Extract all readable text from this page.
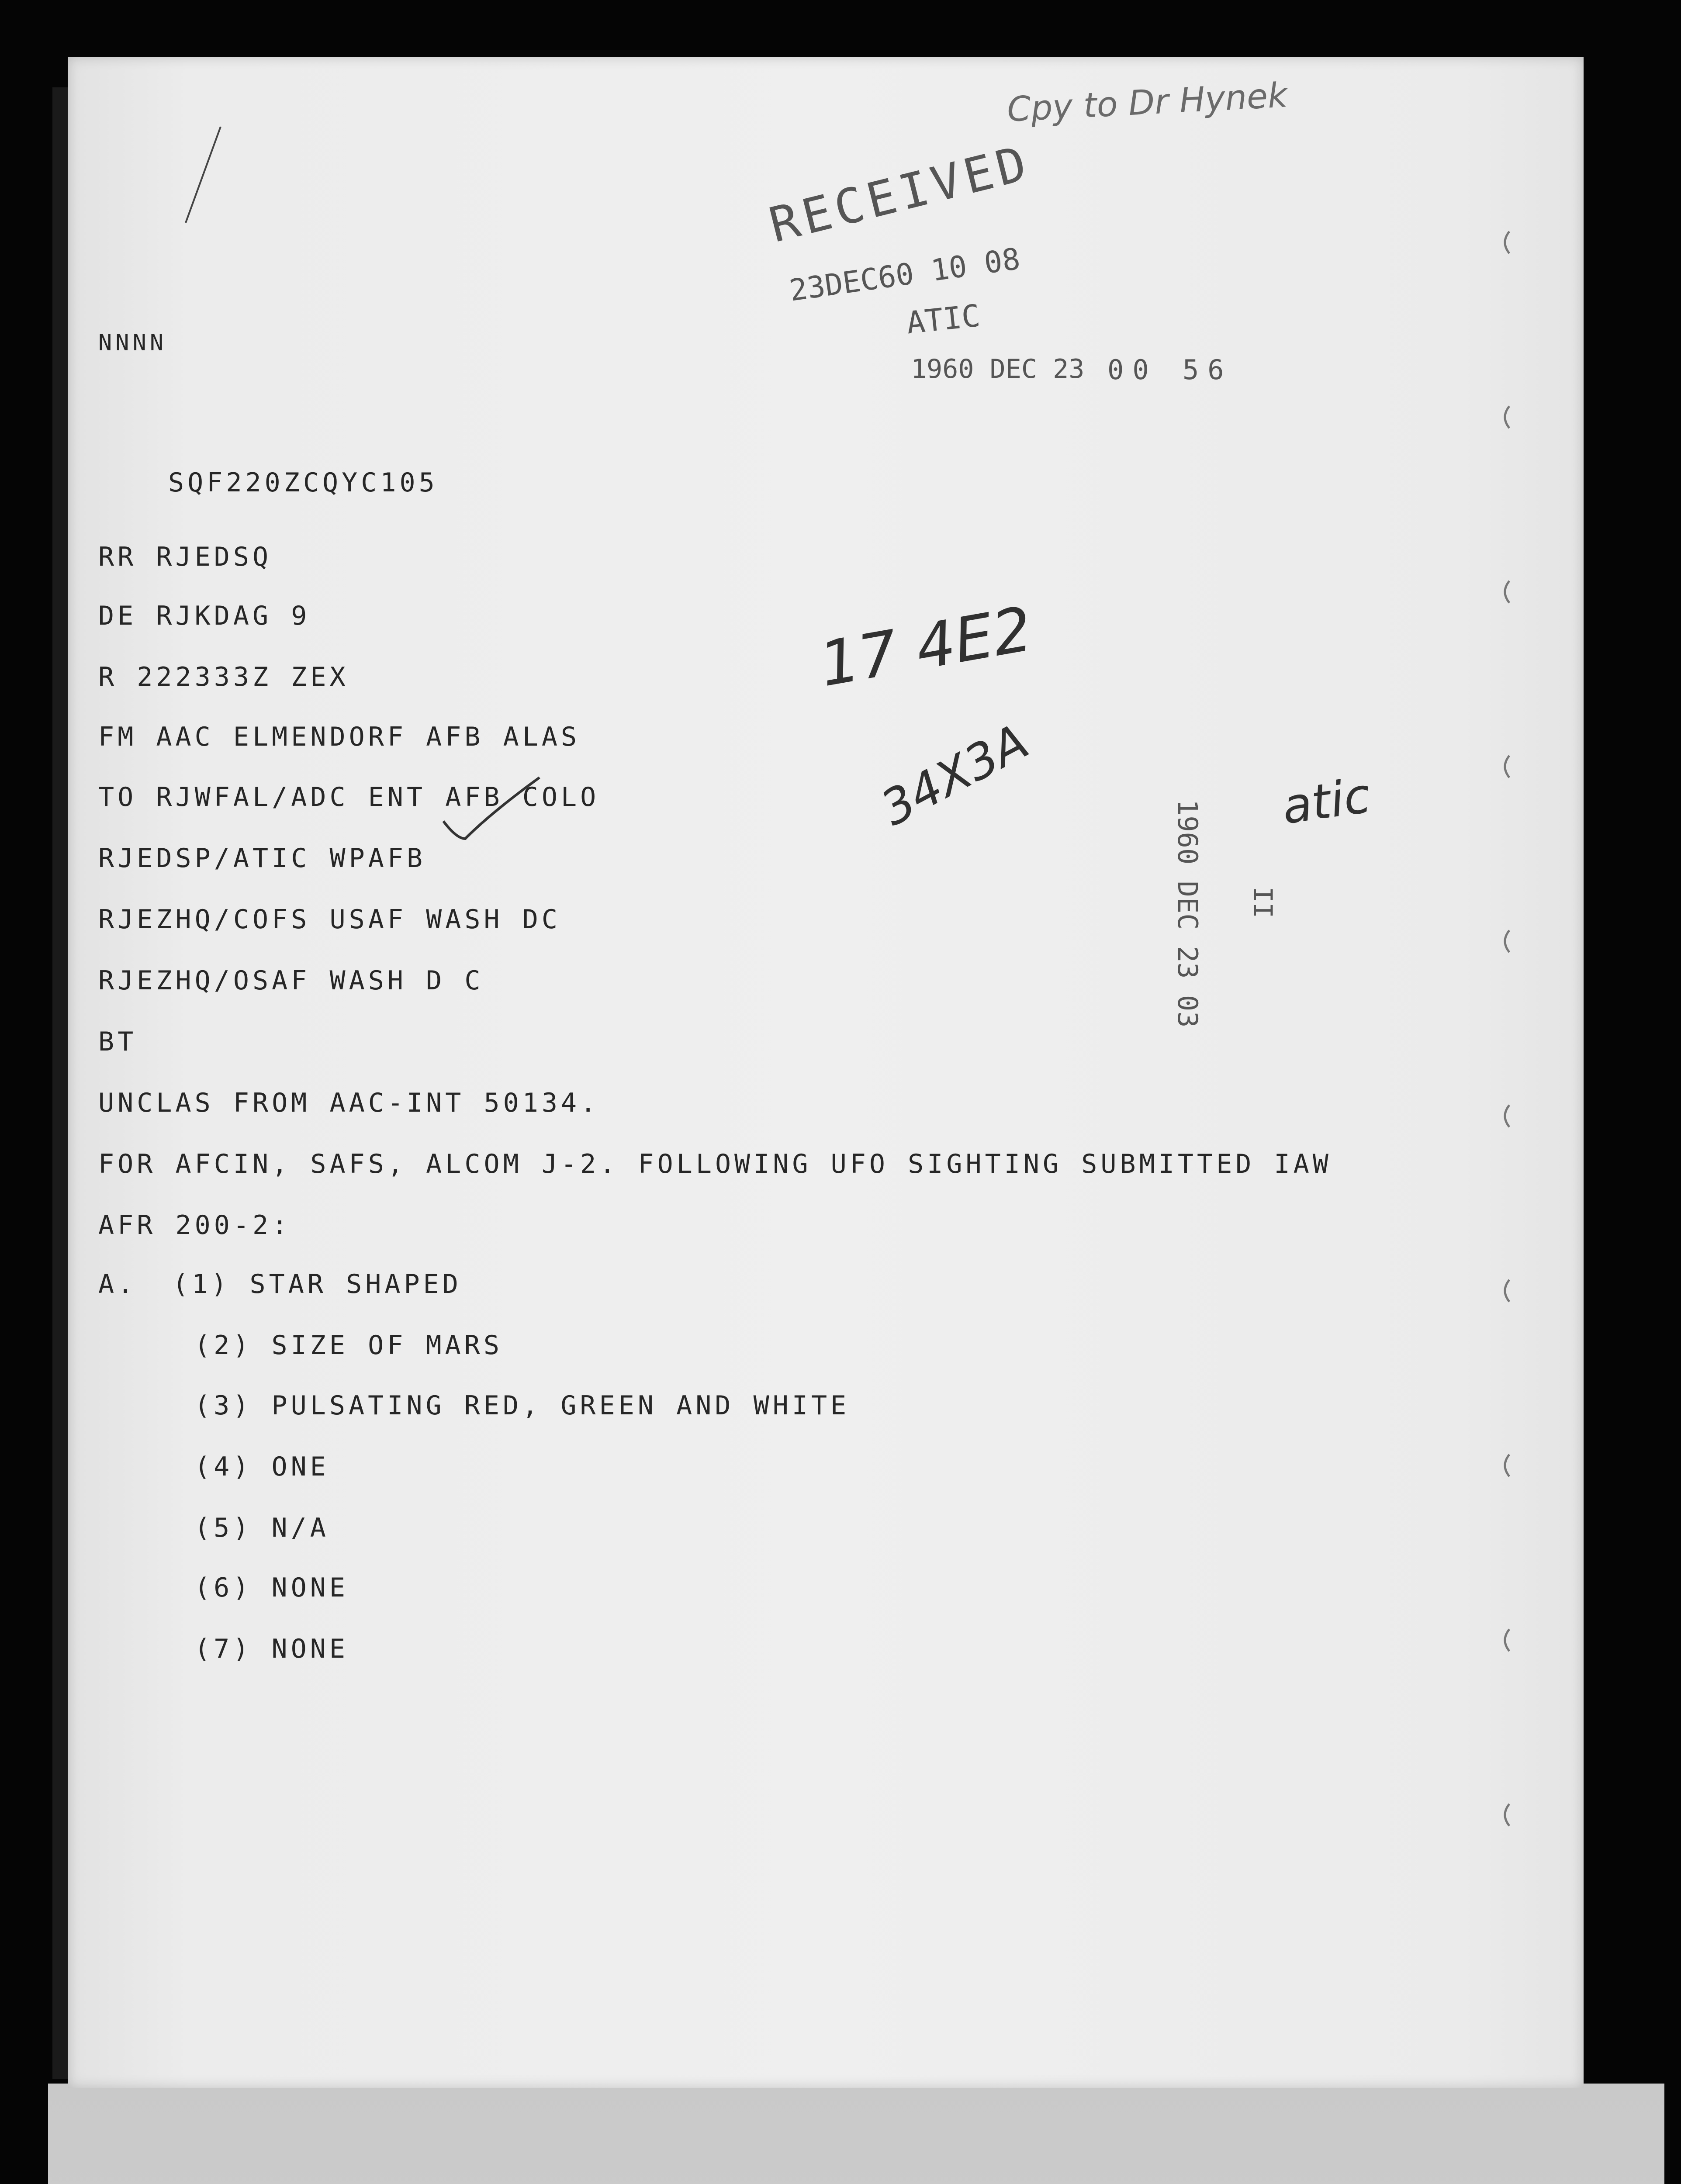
RECEIVED
23DEC60 10 08
ATIC
1960 DEC 23 00 56
1960 DEC 23 03 II
Cpy to Dr Hynek
17 4E2
34X3A	atic
NNNN
SQF220ZCQYC105
RR RJEDSQ
DE RJKDAG 9
R 222333Z ZEX
FM AAC ELMENDORF AFB ALAS
TO RJWFAL/ADC ENT AFB COLO
RJEDSP/ATIC WPAFB
RJEZHQ/COFS USAF WASH DC
RJEZHQ/OSAF WASH D C
BT
UNCLAS FROM AAC-INT 50134.
FOR AFCIN, SAFS, ALCOM J-2. FOLLOWING UFO SIGHTING SUBMITTED IAW
AFR 200-2:
A. (1) STAR SHAPED
(2) SIZE OF MARS
(3) PULSATING RED, GREEN AND WHITE
(4) ONE
(5) N/A
(6) NONE
(7) NONE
